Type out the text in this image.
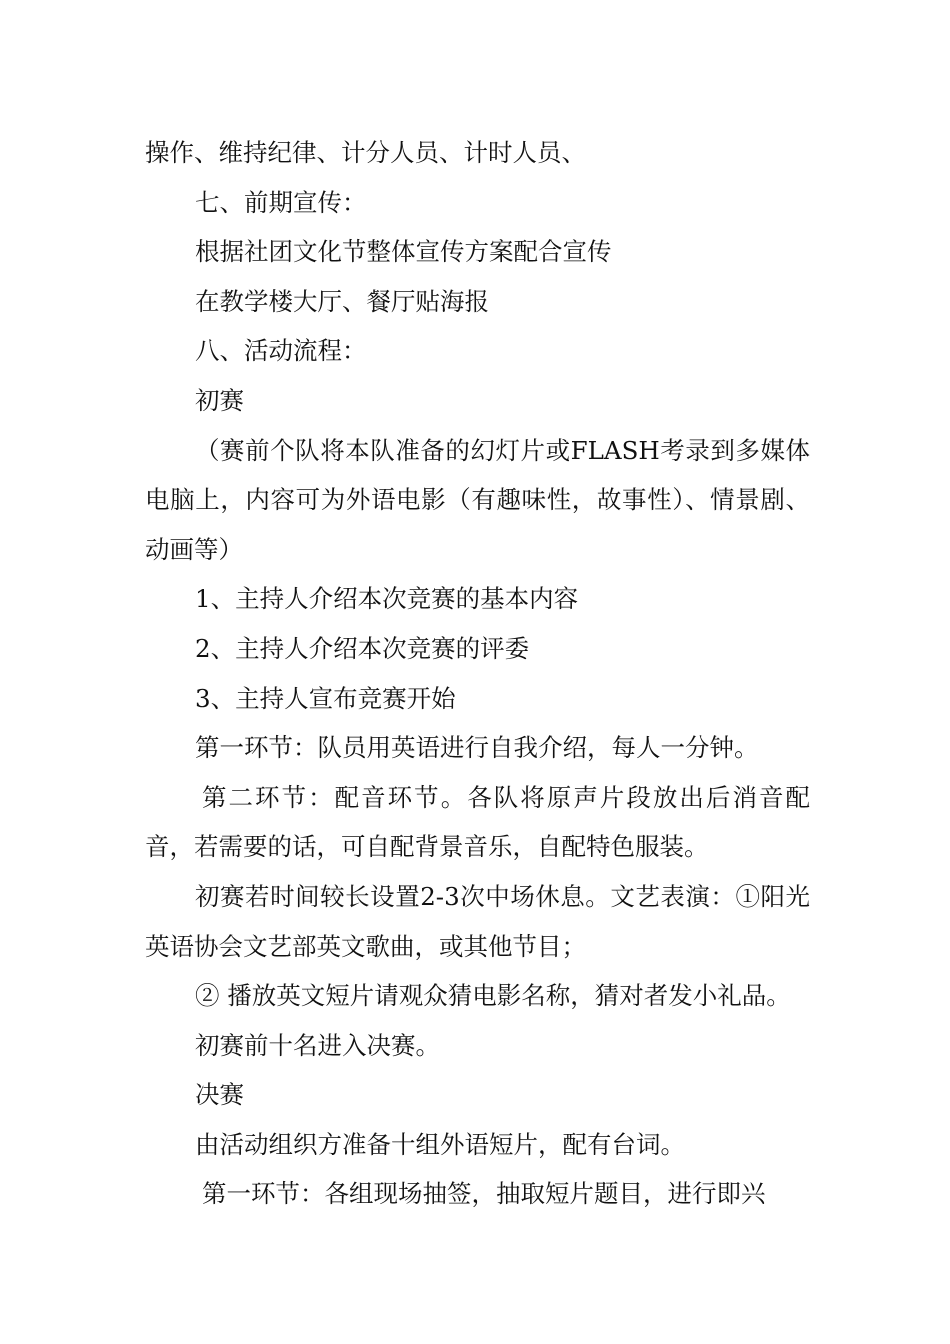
操作、维持纪律、计分人员、计时人员、

七、前期宣传：

根据社团文化节整体宣传方案配合宣传

在教学楼大厅、餐厅贴海报

八、活动流程：

初赛

（赛前个队将本队准备的幻灯片或FLASH考录到多媒体电脑上，内容可为外语电影（有趣味性，故事性）、情景剧、动画等）

1、主持人介绍本次竞赛的基本内容

2、主持人介绍本次竞赛的评委

3、主持人宣布竞赛开始

第一环节：队员用英语进行自我介绍，每人一分钟。

第二环节：配音环节。各队将原声片段放出后消音配音，若需要的话，可自配背景音乐，自配特色服装。

初赛若时间较长设置2-3次中场休息。文艺表演：①阳光英语协会文艺部英文歌曲，或其他节目；

② 播放英文短片请观众猜电影名称，猜对者发小礼品。

初赛前十名进入决赛。

决赛

由活动组织方准备十组外语短片，配有台词。

第一环节：各组现场抽签，抽取短片题目，进行即兴
